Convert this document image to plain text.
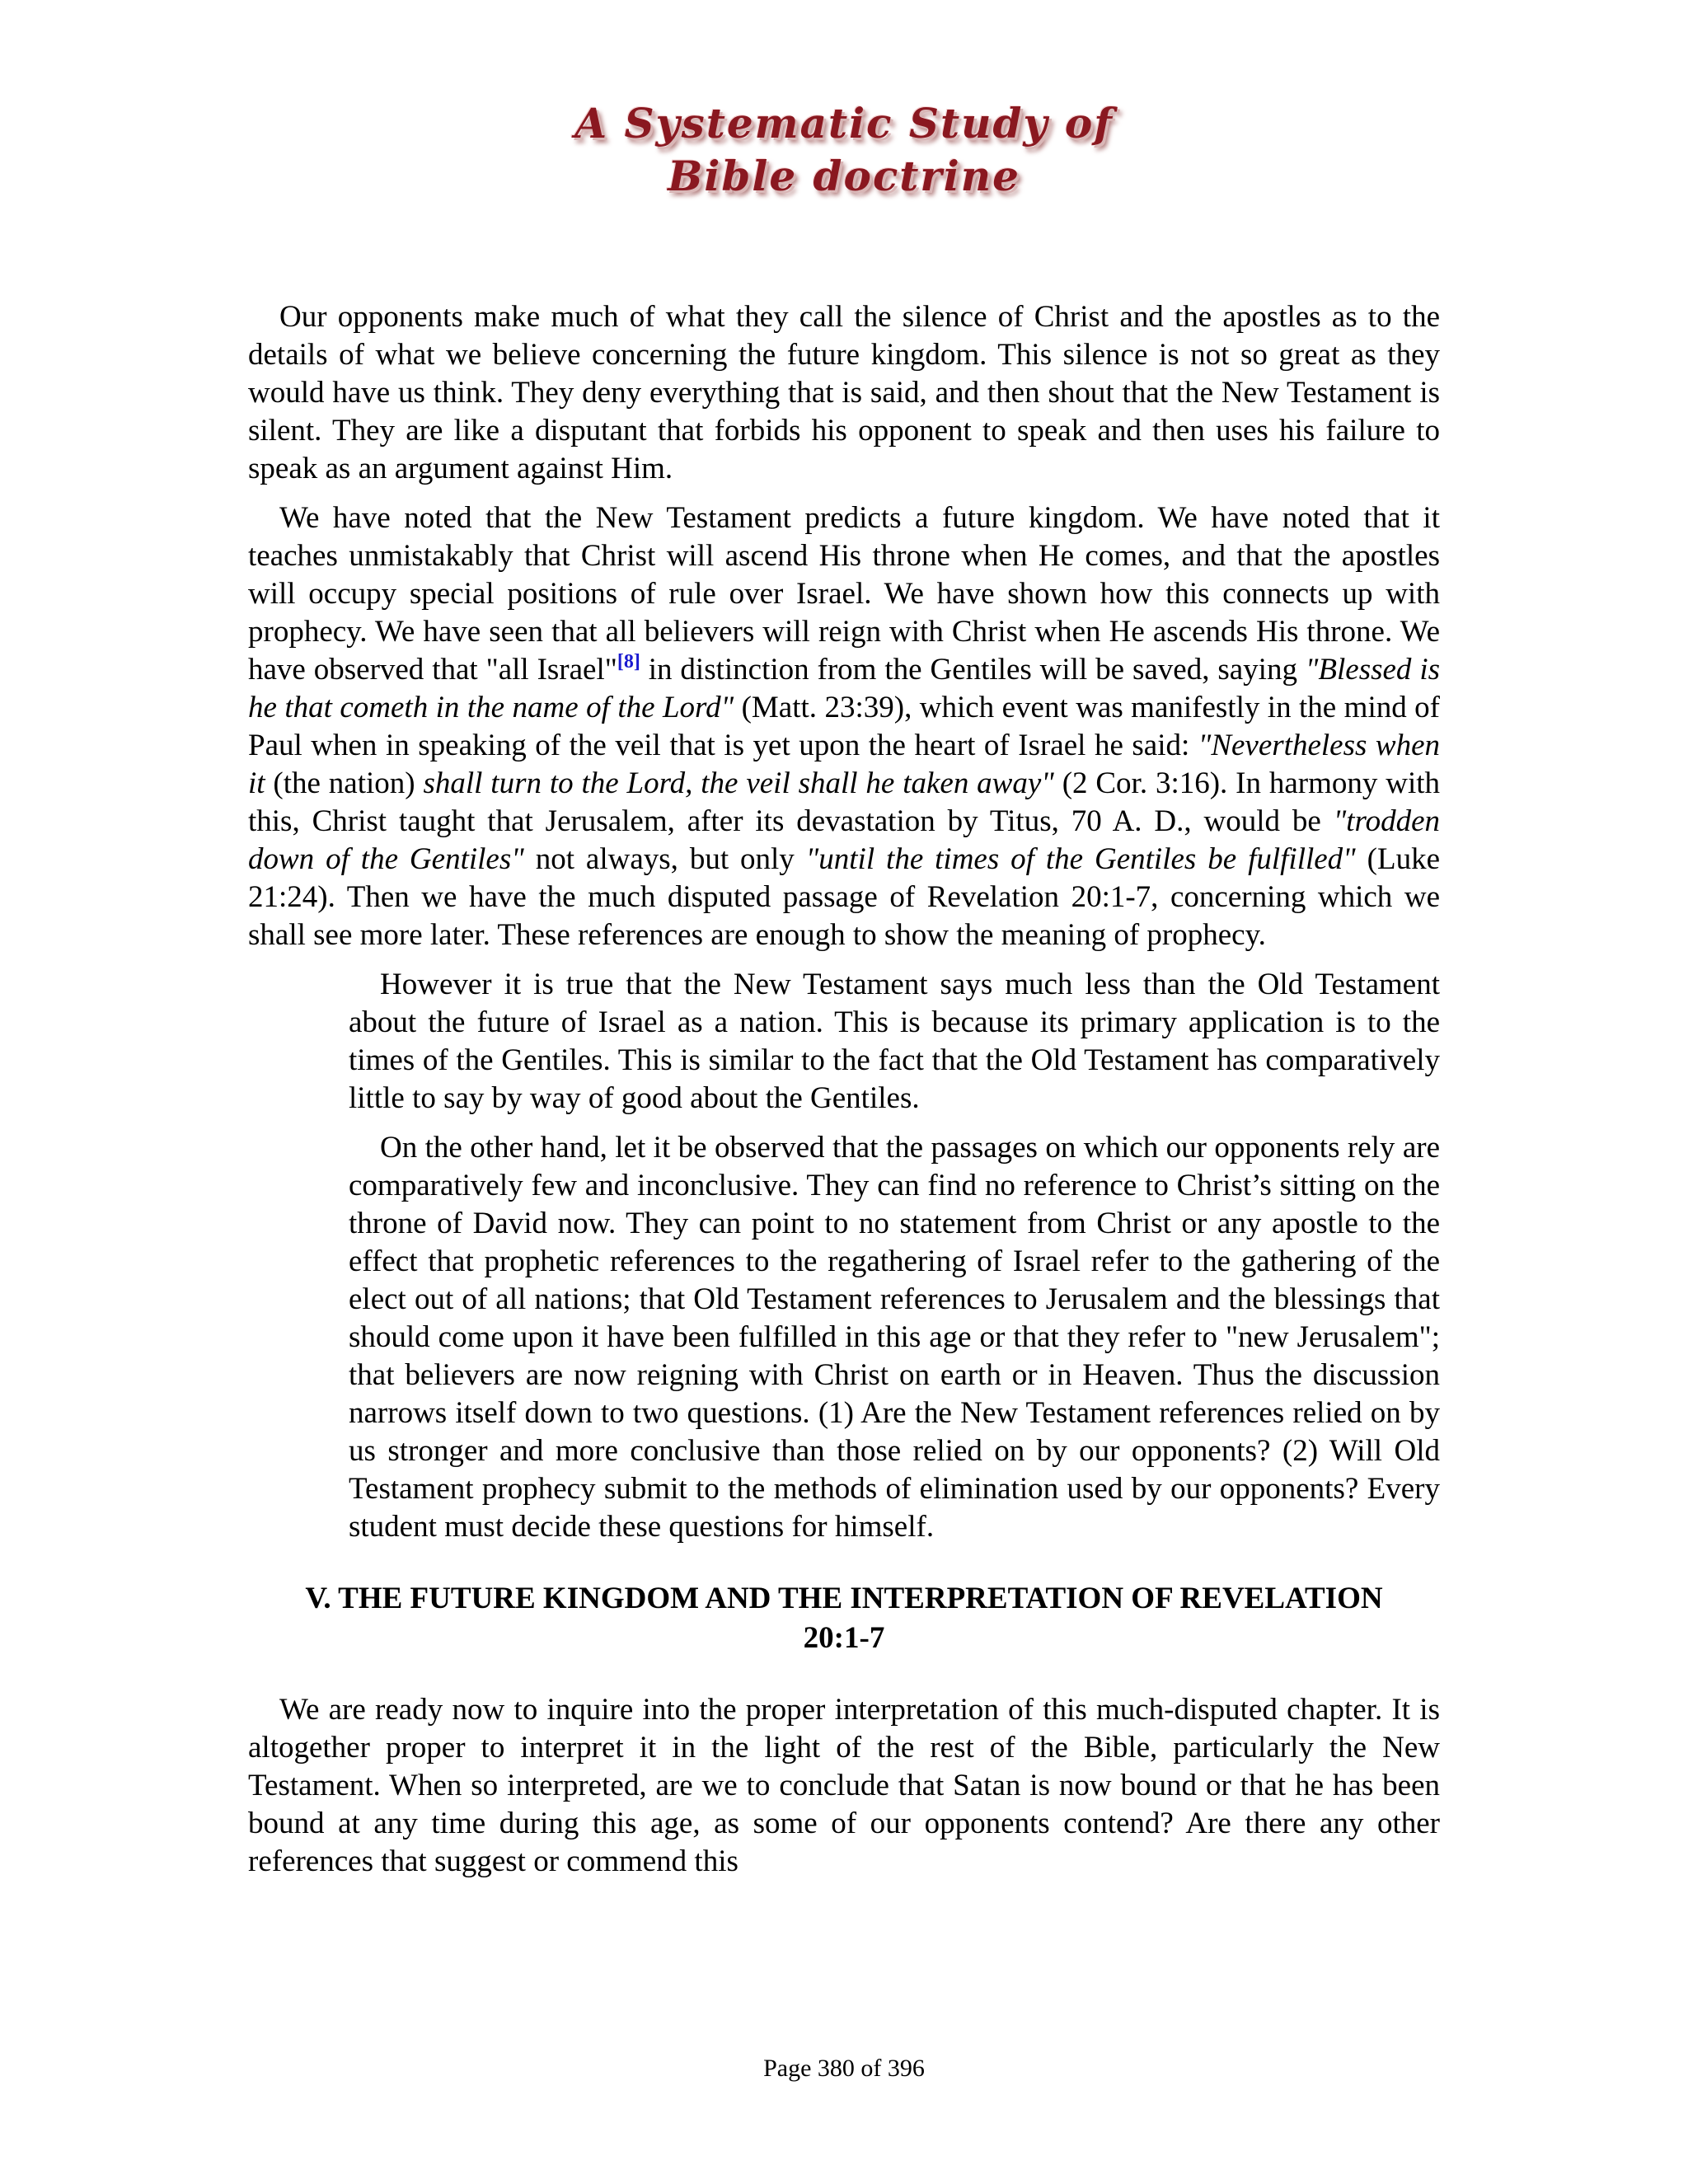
A Systematic Study of
Bible doctrine

Our opponents make much of what they call the silence of Christ and the apostles as to the details of what we believe concerning the future kingdom. This silence is not so great as they would have us think. They deny everything that is said, and then shout that the New Testament is silent. They are like a disputant that forbids his opponent to speak and then uses his failure to speak as an argument against Him.

We have noted that the New Testament predicts a future kingdom. We have noted that it teaches unmistakably that Christ will ascend His throne when He comes, and that the apostles will occupy special positions of rule over Israel. We have shown how this connects up with prophecy. We have seen that all believers will reign with Christ when He ascends His throne. We have observed that "all Israel"[8] in distinction from the Gentiles will be saved, saying "Blessed is he that cometh in the name of the Lord" (Matt. 23:39), which event was manifestly in the mind of Paul when in speaking of the veil that is yet upon the heart of Israel he said: "Nevertheless when it (the nation) shall turn to the Lord, the veil shall he taken away" (2 Cor. 3:16). In harmony with this, Christ taught that Jerusalem, after its devastation by Titus, 70 A. D., would be "trodden down of the Gentiles" not always, but only "until the times of the Gentiles be fulfilled" (Luke 21:24). Then we have the much disputed passage of Revelation 20:1-7, concerning which we shall see more later. These references are enough to show the meaning of prophecy.

However it is true that the New Testament says much less than the Old Testament about the future of Israel as a nation. This is because its primary application is to the times of the Gentiles. This is similar to the fact that the Old Testament has comparatively little to say by way of good about the Gentiles.

On the other hand, let it be observed that the passages on which our opponents rely are comparatively few and inconclusive. They can find no reference to Christ’s sitting on the throne of David now. They can point to no statement from Christ or any apostle to the effect that prophetic references to the regathering of Israel refer to the gathering of the elect out of all nations; that Old Testament references to Jerusalem and the blessings that should come upon it have been fulfilled in this age or that they refer to "new Jerusalem"; that believers are now reigning with Christ on earth or in Heaven. Thus the discussion narrows itself down to two questions. (1) Are the New Testament references relied on by us stronger and more conclusive than those relied on by our opponents? (2) Will Old Testament prophecy submit to the methods of elimination used by our opponents? Every student must decide these questions for himself.

V. THE FUTURE KINGDOM AND THE INTERPRETATION OF REVELATION
20:1-7

We are ready now to inquire into the proper interpretation of this much-disputed chapter. It is altogether proper to interpret it in the light of the rest of the Bible, particularly the New Testament. When so interpreted, are we to conclude that Satan is now bound or that he has been bound at any time during this age, as some of our opponents contend? Are there any other references that suggest or commend this

Page 380 of 396
